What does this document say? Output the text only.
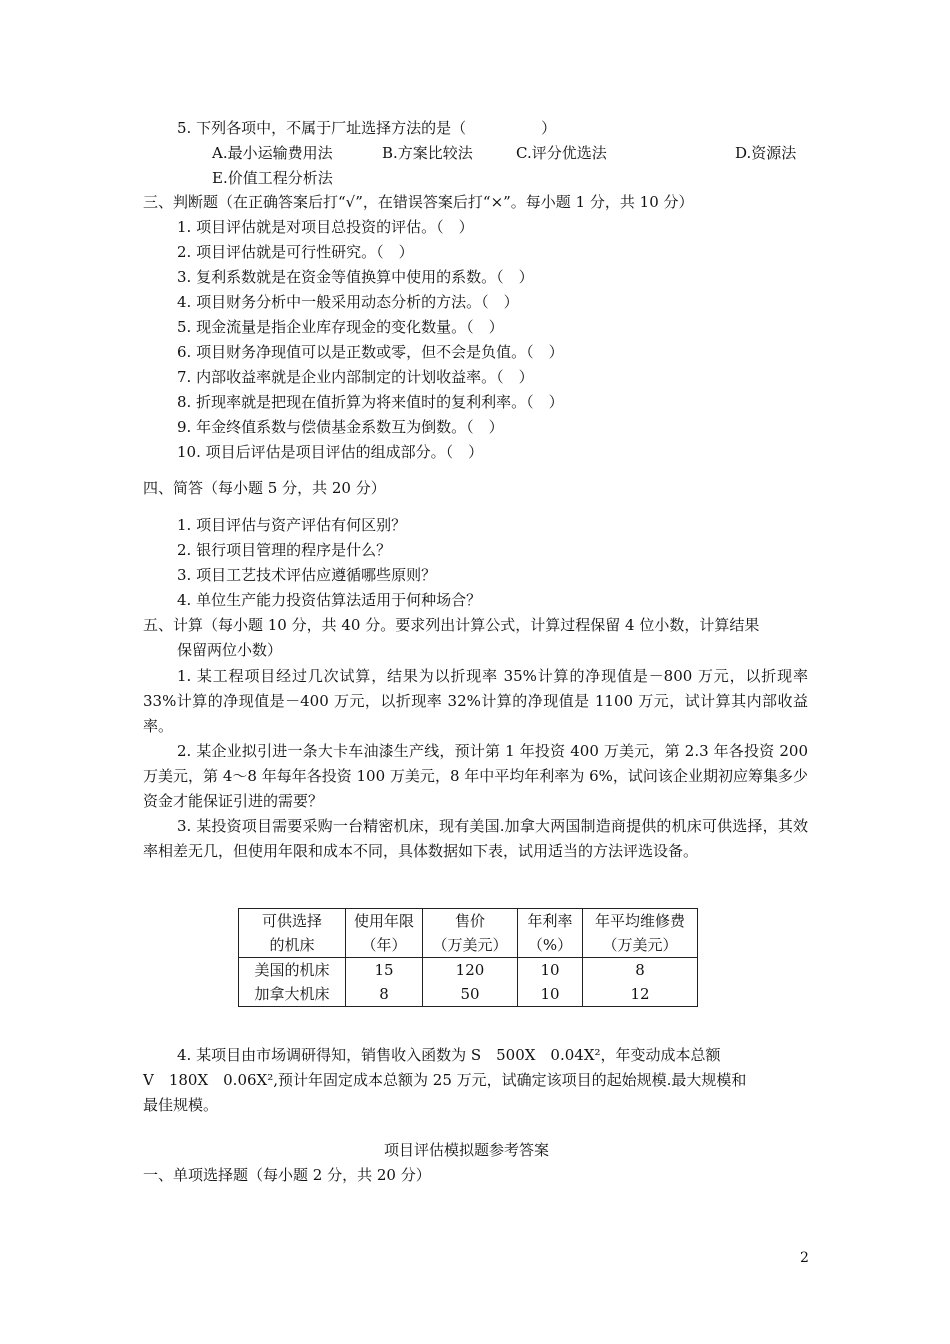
5. 下列各项中，不属于厂址选择方法的是（　　　　　）
A.最小运输费用法	B.方案比较法	C.评分优选法	D.资源法
E.价值工程分析法
三、判断题（在正确答案后打“√”，在错误答案后打“×”。每小题 1 分，共 10 分）
1. 项目评估就是对项目总投资的评估。（　）
2. 项目评估就是可行性研究。（　）
3. 复利系数就是在资金等值换算中使用的系数。（　）
4. 项目财务分析中一般采用动态分析的方法。（　）
5. 现金流量是指企业库存现金的变化数量。（　）
6. 项目财务净现值可以是正数或零，但不会是负值。（　）
7. 内部收益率就是企业内部制定的计划收益率。（　）
8. 折现率就是把现在值折算为将来值时的复利利率。（　）
9. 年金终值系数与偿债基金系数互为倒数。（　）
10. 项目后评估是项目评估的组成部分。（　）
四、简答（每小题 5 分，共 20 分）
1. 项目评估与资产评估有何区别？
2. 银行项目管理的程序是什么？
3. 项目工艺技术评估应遵循哪些原则？
4. 单位生产能力投资估算法适用于何种场合？
五、计算（每小题 10 分，共 40 分。要求列出计算公式，计算过程保留 4 位小数，计算结果
保留两位小数）
1. 某工程项目经过几次试算，结果为以折现率 35%计算的净现值是－800 万元，以折现率 33%计算的净现值是－400 万元，以折现率 32%计算的净现值是 1100 万元，试计算其内部收益率。
2. 某企业拟引进一条大卡车油漆生产线，预计第 1 年投资 400 万美元，第 2.3 年各投资 200 万美元，第 4～8 年每年各投资 100 万美元，8 年中平均年利率为 6%，试问该企业期初应筹集多少资金才能保证引进的需要？
3. 某投资项目需要采购一台精密机床，现有美国.加拿大两国制造商提供的机床可供选择，其效率相差无几，但使用年限和成本不同，具体数据如下表，试用适当的方法评选设备。
可供选择	使用年限	售价	年利率	年平均维修费
的机床	（年）	（万美元）	（%）	（万美元）
美国的机床	15	120	10	8
加拿大机床	8	50	10	12
4. 某项目由市场调研得知，销售收入函数为 S　500X　0.04X²，年变动成本总额
V　180X　0.06X²,预计年固定成本总额为 25 万元，试确定该项目的起始规模.最大规模和
最佳规模。
项目评估模拟题参考答案
一、单项选择题（每小题 2 分，共 20 分）
2
